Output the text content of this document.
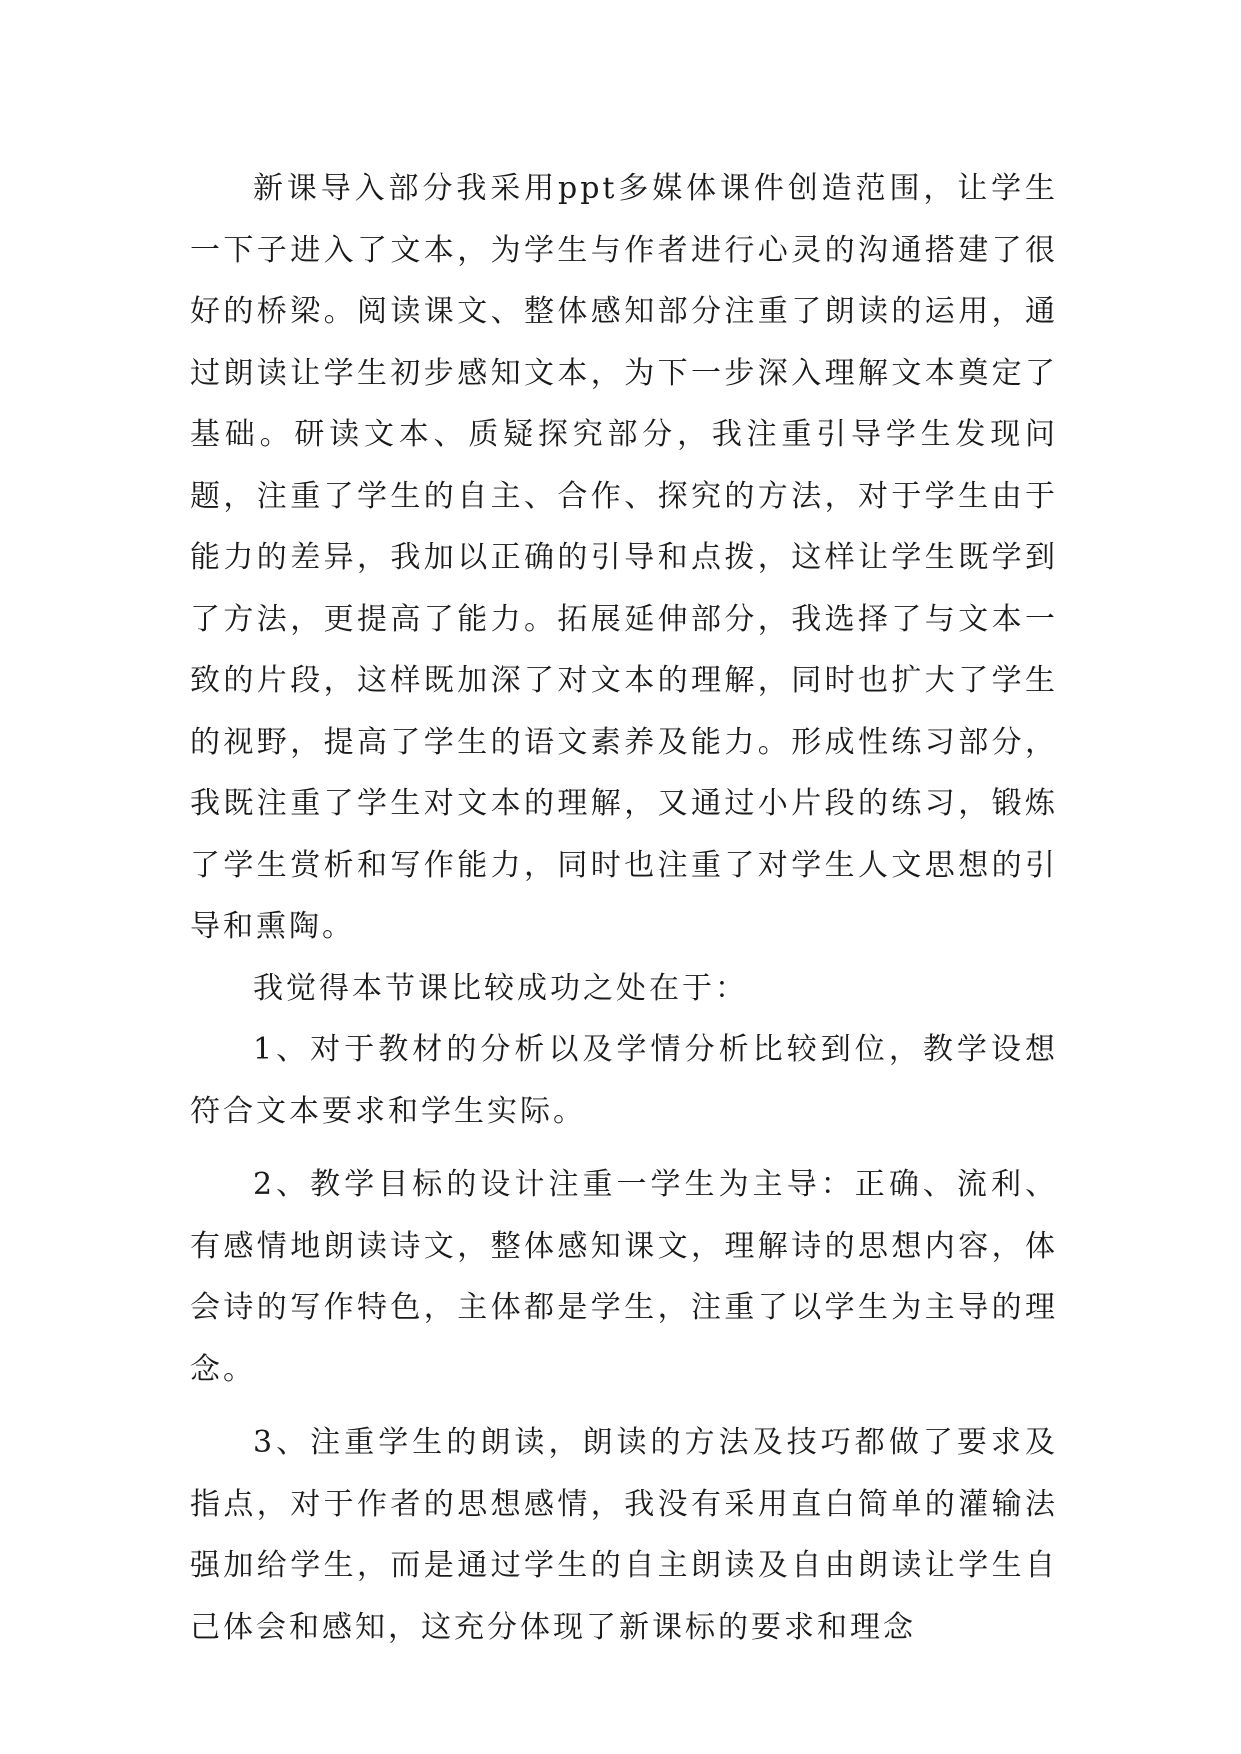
新课导入部分我采用ppt多媒体课件创造范围，让学生一下子进入了文本，为学生与作者进行心灵的沟通搭建了很好的桥梁。阅读课文、整体感知部分注重了朗读的运用，通过朗读让学生初步感知文本，为下一步深入理解文本奠定了基础。研读文本、质疑探究部分，我注重引导学生发现问题，注重了学生的自主、合作、探究的方法，对于学生由于能力的差异，我加以正确的引导和点拨，这样让学生既学到了方法，更提高了能力。拓展延伸部分，我选择了与文本一致的片段，这样既加深了对文本的理解，同时也扩大了学生的视野，提高了学生的语文素养及能力。形成性练习部分，我既注重了学生对文本的理解，又通过小片段的练习，锻炼了学生赏析和写作能力，同时也注重了对学生人文思想的引导和熏陶。

我觉得本节课比较成功之处在于：

1、对于教材的分析以及学情分析比较到位，教学设想符合文本要求和学生实际。

2、教学目标的设计注重一学生为主导：正确、流利、有感情地朗读诗文，整体感知课文，理解诗的思想内容，体会诗的写作特色，主体都是学生，注重了以学生为主导的理念。

3、注重学生的朗读，朗读的方法及技巧都做了要求及指点，对于作者的思想感情，我没有采用直白简单的灌输法强加给学生，而是通过学生的自主朗读及自由朗读让学生自己体会和感知，这充分体现了新课标的要求和理念
